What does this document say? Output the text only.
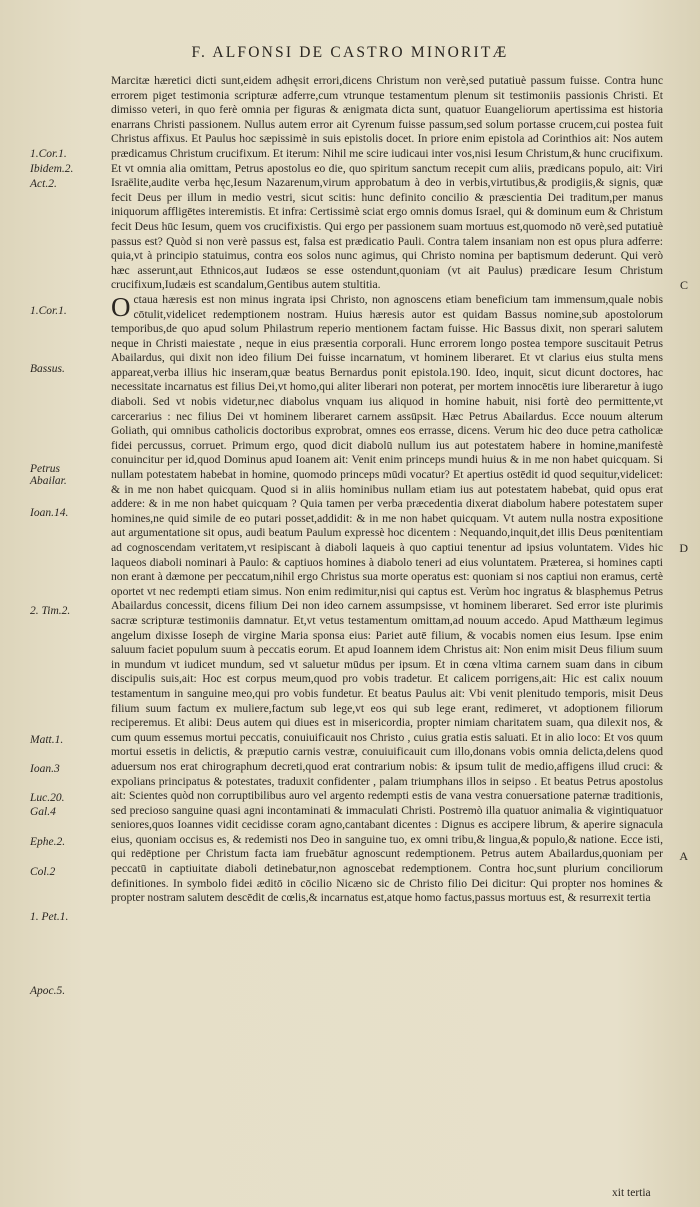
F. ALFONSI DE CASTRO MINORITÆ
1.Cor.1.
Ibidem.2.
Act.2.
1.Cor.1.
Bassus.
Petrus Abailar.
Ioan.14.
2. Tim.2.
Matt.1.
Ioan.3
Luc.20.
Gal.4
Ephe.2.
Col.2
1. Pet.1.
Apoc.5.
C
D
A

Marcitæ hæretici dicti sunt,eidem adhęsit errori,dicens Christum non verè,sed putatiuè passum fuisse. Contra hunc errorem piget testimonia scripturæ adferre,cum vtrunque testamentum plenum sit testimoniis passionis Christi. Et dimisso veteri, in quo ferè omnia per figuras & ænigmata dicta sunt, quatuor Euangeliorum apertissima est historia enarrans Christi passionem. Nullus autem error ait Cyrenum fuisse passum,sed solum portasse crucem,cui postea fuit Christus affixus. Et Paulus hoc sæpissimè in suis epistolis docet. In priore enim epistola ad Corinthios ait: Nos autem prædicamus Christum crucifixum. Et iterum: Nihil me scire iudicaui inter vos,nisi Iesum Christum,& hunc crucifixum. Et vt omnia alia omittam, Petrus apostolus eo die, quo spiritum sanctum recepit cum aliis, prædicans populo, ait: Viri Israëlite,audite verba hęc,Iesum Nazarenum,virum approbatum à deo in verbis,virtutibus,& prodigiis,& signis, quæ fecit Deus per illum in medio vestri, sicut scitis: hunc definito concilio & præscientia Dei traditum,per manus iniquorum affligētes interemistis. Et infra: Certissimè sciat ergo omnis domus Israel, qui & dominum eum & Christum fecit Deus hūc Iesum, quem vos crucifixistis. Qui ergo per passionem suam mortuus est,quomodo nō verè,sed putatiuè passus est? Quòd si non verè passus est, falsa est prædicatio Pauli. Contra talem insaniam non est opus plura adferre: quia,vt à principio statuimus, contra eos solos nunc agimus, qui Christo nomina per baptismum dederunt. Qui verò hæc asserunt,aut Ethnicos,aut Iudæos se esse ostendunt,quoniam (vt ait Paulus) prædicare Iesum Christum crucifixum,Iudæis est scandalum,Gentibus autem stultitia.

Octaua hæresis est non minus ingrata ipsi Christo, non agnoscens etiam beneficium tam immensum,quale nobis cōtulit,videlicet redemptionem nostram. Huius hæresis autor est quidam Bassus nomine,sub apostolorum temporibus,de quo apud solum Philastrum reperio mentionem factam fuisse. Hic Bassus dixit, non sperari salutem neque in Christi maiestate , neque in eius præsentia corporali. Hunc errorem longo postea tempore suscitauit Petrus Abailardus, qui dixit non ideo filium Dei fuisse incarnatum, vt hominem liberaret. Et vt clarius eius stulta mens appareat,verba illius hic inseram,quæ beatus Bernardus ponit epistola.190. Ideo, inquit, sicut dicunt doctores, hac necessitate incarnatus est filius Dei,vt homo,qui aliter liberari non poterat, per mortem innocētis iure liberaretur à iugo diaboli. Sed vt nobis videtur,nec diabolus vnquam ius aliquod in homine habuit, nisi fortè deo permittente,vt carcerarius : nec filius Dei vt hominem liberaret carnem assūpsit. Hæc Petrus Abailardus. Ecce nouum alterum Goliath, qui omnibus catholicis doctoribus exprobrat, omnes eos errasse, dicens. Verum hic deo duce petra catholicæ fidei percussus, corruet. Primum ergo, quod dicit diabolū nullum ius aut potestatem habere in homine,manifestè conuincitur per id,quod Dominus apud Ioanem ait: Venit enim princeps mundi huius & in me non habet quicquam. Si nullam potestatem habebat in homine, quomodo princeps mūdi vocatur? Et apertius ostēdit id quod sequitur,videlicet: & in me non habet quicquam. Quod si in aliis hominibus nullam etiam ius aut potestatem habebat, quid opus erat addere: & in me non habet quicquam ? Quia tamen per verba præcedentia dixerat diabolum habere potestatem super homines,ne quid simile de eo putari posset,addidit: & in me non habet quicquam. Vt autem nulla nostra expositione aut argumentatione sit opus, audi beatum Paulum expressè hoc dicentem : Nequando,inquit,det illis Deus pœnitentiam ad cognoscendam veritatem,vt resipiscant à diaboli laqueis à quo captiui tenentur ad ipsius voluntatem. Vides hic laqueos diaboli nominari à Paulo: & captiuos homines à diabolo teneri ad eius voluntatem. Præterea, si homines capti non erant à dæmone per peccatum,nihil ergo Christus sua morte operatus est: quoniam si nos captiui non eramus, certè oportet vt nec redempti etiam simus. Non enim redimitur,nisi qui captus est. Verùm hoc ingratus & blasphemus Petrus Abailardus concessit, dicens filium Dei non ideo carnem assumpsisse, vt hominem liberaret. Sed error iste plurimis sacræ scripturæ testimoniis damnatur. Et,vt vetus testamentum omittam,ad nouum accedo. Apud Matthæum legimus angelum dixisse Ioseph de virgine Maria sponsa eius: Pariet autē filium, & vocabis nomen eius Iesum. Ipse enim saluum faciet populum suum à peccatis eorum. Et apud Ioannem idem Christus ait: Non enim misit Deus filium suum in mundum vt iudicet mundum, sed vt saluetur mūdus per ipsum. Et in cœna vltima carnem suam dans in cibum discipulis suis,ait: Hoc est corpus meum,quod pro vobis tradetur. Et calicem porrigens,ait: Hic est calix nouum testamentum in sanguine meo,qui pro vobis fundetur. Et beatus Paulus ait: Vbi venit plenitudo temporis, misit Deus filium suum factum ex muliere,factum sub lege,vt eos qui sub lege erant, redimeret, vt adoptionem filiorum reciperemus. Et alibi: Deus autem qui diues est in misericordia, propter nimiam charitatem suam, qua dilexit nos, & cum quum essemus mortui peccatis, conuiuificauit nos Christo , cuius gratia estis saluati. Et in alio loco: Et vos quum mortui essetis in delictis, & præputio carnis vestræ, conuiuificauit cum illo,donans vobis omnia delicta,delens quod aduersum nos erat chirographum decreti,quod erat contrarium nobis: & ipsum tulit de medio,affigens illud cruci: & expolians principatus & potestates, traduxit confidenter , palam triumphans illos in seipso . Et beatus Petrus apostolus ait: Scientes quòd non corruptibilibus auro vel argento redempti estis de vana vestra conuersatione paternæ traditionis, sed precioso sanguine quasi agni incontaminati & immaculati Christi. Postremò illa quatuor animalia & vigintiquatuor seniores,quos Ioannes vidit cecidisse coram agno,cantabant dicentes : Dignus es accipere librum, & aperire signacula eius, quoniam occisus es, & redemisti nos Deo in sanguine tuo, ex omni tribu,& lingua,& populo,& natione. Ecce isti, qui redēptione per Christum facta iam fruebātur agnoscunt redemptionem. Petrus autem Abailardus,quoniam per peccatū in captiuitate diaboli detinebatur,non agnoscebat redemptionem. Contra hoc,sunt plurium conciliorum definitiones. In symbolo fidei æditō in cōcilio Nicæno sic de Christo filio Dei dicitur: Qui propter nos homines & propter nostram salutem descēdit de cœlis,& incarnatus est,atque homo factus,passus mortuus est, & resurrexit tertia

xit tertia
